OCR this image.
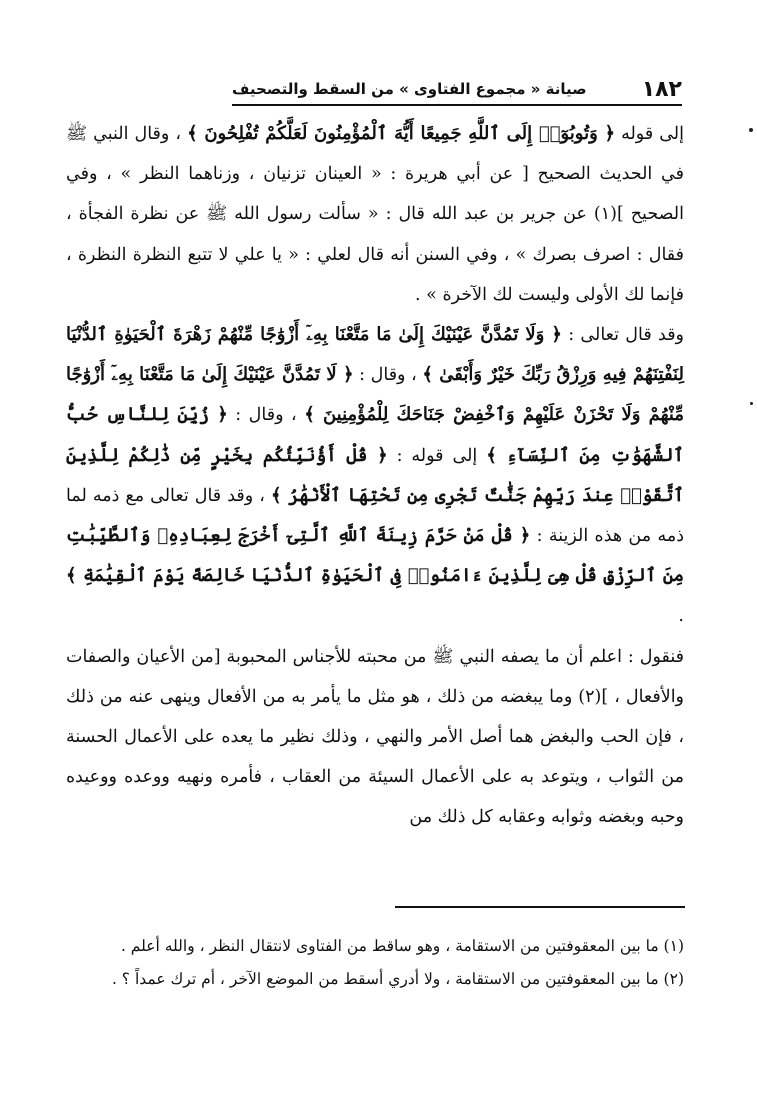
١٨٢
صيانة « مجموع الفتاوى » من السقط والتصحيف

إلى قوله ﴿ وَتُوبُوٓا۟ إِلَى ٱللَّهِ جَمِيعًا أَيُّهَ ٱلْمُؤْمِنُونَ لَعَلَّكُمْ تُفْلِحُونَ ﴾ ، وقال النبي ﷺ في الحديث الصحيح [ عن أبي هريرة : « العينان تزنيان ، وزناهما النظر » ، وفي الصحيح ](١) عن جرير بن عبد الله قال : « سألت رسول الله ﷺ عن نظرة الفجأة ، فقال : اصرف بصرك » ، وفي السنن أنه قال لعلي : « يا علي لا تتبع النظرة النظرة ، فإنما لك الأولى وليست لك الآخرة » .

وقد قال تعالى : ﴿ وَلَا تَمُدَّنَّ عَيْنَيْكَ إِلَىٰ مَا مَتَّعْنَا بِهِۦٓ أَزْوَٰجًا مِّنْهُمْ زَهْرَةَ ٱلْحَيَوٰةِ ٱلدُّنْيَا لِنَفْتِنَهُمْ فِيهِ وَرِزْقُ رَبِّكَ خَيْرٌ وَأَبْقَىٰ ﴾ ، وقال : ﴿ لَا تَمُدَّنَّ عَيْنَيْكَ إِلَىٰ مَا مَتَّعْنَا بِهِۦٓ أَزْوَٰجًا مِّنْهُمْ وَلَا تَحْزَنْ عَلَيْهِمْ وَٱخْفِضْ جَنَاحَكَ لِلْمُؤْمِنِينَ ﴾ ، وقال : ﴿ زُيِّنَ لِلنَّاسِ حُبُّ ٱلشَّهَوَٰتِ مِنَ ٱلنِّسَآءِ ﴾ إلى قوله : ﴿ قُلْ أَؤُنَبِّئُكُم بِخَيْرٍ مِّن ذَٰلِكُمْ لِلَّذِينَ ٱتَّقَوْا۟ عِندَ رَبِّهِمْ جَنَّٰتٌ تَجْرِى مِن تَحْتِهَا ٱلْأَنْهَٰرُ ﴾ ، وقد قال تعالى مع ذمه لما ذمه من هذه الزينة : ﴿ قُلْ مَنْ حَرَّمَ زِينَةَ ٱللَّهِ ٱلَّتِىٓ أَخْرَجَ لِعِبَادِهِۦ وَٱلطَّيِّبَٰتِ مِنَ ٱلرِّزْقِ قُلْ هِىَ لِلَّذِينَ ءَامَنُوا۟ فِى ٱلْحَيَوٰةِ ٱلدُّنْيَا خَالِصَةً يَوْمَ ٱلْقِيَٰمَةِ ﴾ .

فنقول : اعلم أن ما يصفه النبي ﷺ من محبته للأجناس المحبوبة [من الأعيان والصفات والأفعال ، ](٢) وما يبغضه من ذلك ، هو مثل ما يأمر به من الأفعال وينهى عنه من ذلك ، فإن الحب والبغض هما أصل الأمر والنهي ، وذلك نظير ما يعده على الأعمال الحسنة من الثواب ، ويتوعد به على الأعمال السيئة من العقاب ، فأمره ونهيه ووعده ووعيده وحبه وبغضه وثوابه وعقابه كل ذلك من

(١) ما بين المعقوفتين من الاستقامة ، وهو ساقط من الفتاوى لانتقال النظر ، والله أعلم .

(٢) ما بين المعقوفتين من الاستقامة ، ولا أدري أسقط من الموضع الآخر ، أم ترك عمداً ؟ .
